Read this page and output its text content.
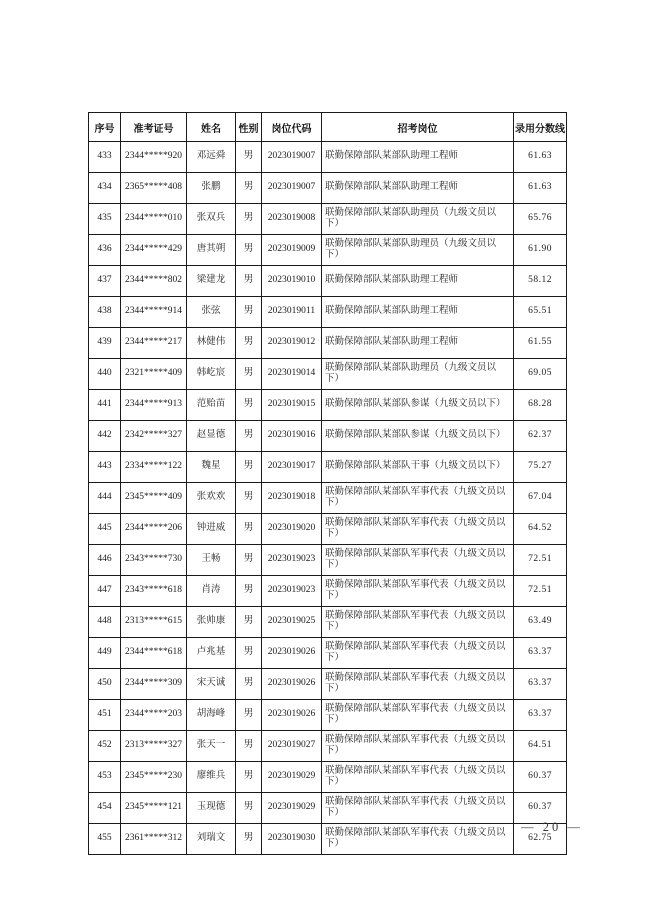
序号	准考证号	姓名	性别	岗位代码	招考岗位	录用分数线
433	2344*****920	邓远舜	男	2023019007	联勤保障部队某部队助理工程师	61.63
434	2365*****408	张鹏	男	2023019007	联勤保障部队某部队助理工程师	61.63
435	2344*****010	张双兵	男	2023019008	联勤保障部队某部队助理员（九级文员以下）	65.76
436	2344*****429	唐其朔	男	2023019009	联勤保障部队某部队助理员（九级文员以下）	61.90
437	2344*****802	梁建龙	男	2023019010	联勤保障部队某部队助理工程师	58.12
438	2344*****914	张弦	男	2023019011	联勤保障部队某部队助理工程师	65.51
439	2344*****217	林健伟	男	2023019012	联勤保障部队某部队助理工程师	61.55
440	2321*****409	韩屹宸	男	2023019014	联勤保障部队某部队助理员（九级文员以下）	69.05
441	2344*****913	范贻苗	男	2023019015	联勤保障部队某部队参谋（九级文员以下）	68.28
442	2342*****327	赵显德	男	2023019016	联勤保障部队某部队参谋（九级文员以下）	62.37
443	2334*****122	魏星	男	2023019017	联勤保障部队某部队干事（九级文员以下）	75.27
444	2345*****409	张欢欢	男	2023019018	联勤保障部队某部队军事代表（九级文员以下）	67.04
445	2344*****206	钟进威	男	2023019020	联勤保障部队某部队军事代表（九级文员以下）	64.52
446	2343*****730	王畅	男	2023019023	联勤保障部队某部队军事代表（九级文员以下）	72.51
447	2343*****618	肖涛	男	2023019023	联勤保障部队某部队军事代表（九级文员以下）	72.51
448	2313*****615	张帅康	男	2023019025	联勤保障部队某部队军事代表（九级文员以下）	63.49
449	2344*****618	卢兆基	男	2023019026	联勤保障部队某部队军事代表（九级文员以下）	63.37
450	2344*****309	宋天诚	男	2023019026	联勤保障部队某部队军事代表（九级文员以下）	63.37
451	2344*****203	胡海峰	男	2023019026	联勤保障部队某部队军事代表（九级文员以下）	63.37
452	2313*****327	张天一	男	2023019027	联勤保障部队某部队军事代表（九级文员以下）	64.51
453	2345*****230	廖维兵	男	2023019029	联勤保障部队某部队军事代表（九级文员以下）	60.37
454	2345*****121	玉现德	男	2023019029	联勤保障部队某部队军事代表（九级文员以下）	60.37
455	2361*****312	刘瑞文	男	2023019030	联勤保障部队某部队军事代表（九级文员以下）	62.75
— 20 —
